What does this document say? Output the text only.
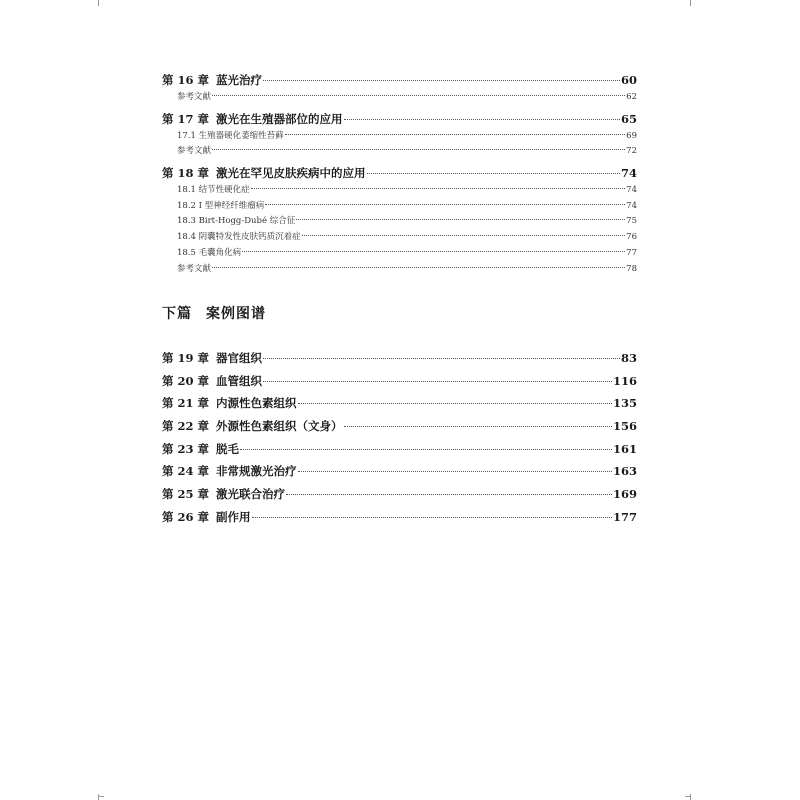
第 16 章 蓝光治疗	60
参考文献	62
第 17 章 激光在生殖器部位的应用	65
17.1 生殖器硬化萎缩性苔藓	69
参考文献	72
第 18 章 激光在罕见皮肤疾病中的应用	74
18.1 结节性硬化症	74
18.2 I 型神经纤维瘤病	74
18.3 Birt-Hogg-Dubé 综合征	75
18.4 阴囊特发性皮肤钙质沉着症	76
18.5 毛囊角化病	77
参考文献	78
下篇 案例图谱
第 19 章 器官组织	83
第 20 章 血管组织	116
第 21 章 内源性色素组织	135
第 22 章 外源性色素组织（文身）	156
第 23 章 脱毛	161
第 24 章 非常规激光治疗	163
第 25 章 激光联合治疗	169
第 26 章 副作用	177
